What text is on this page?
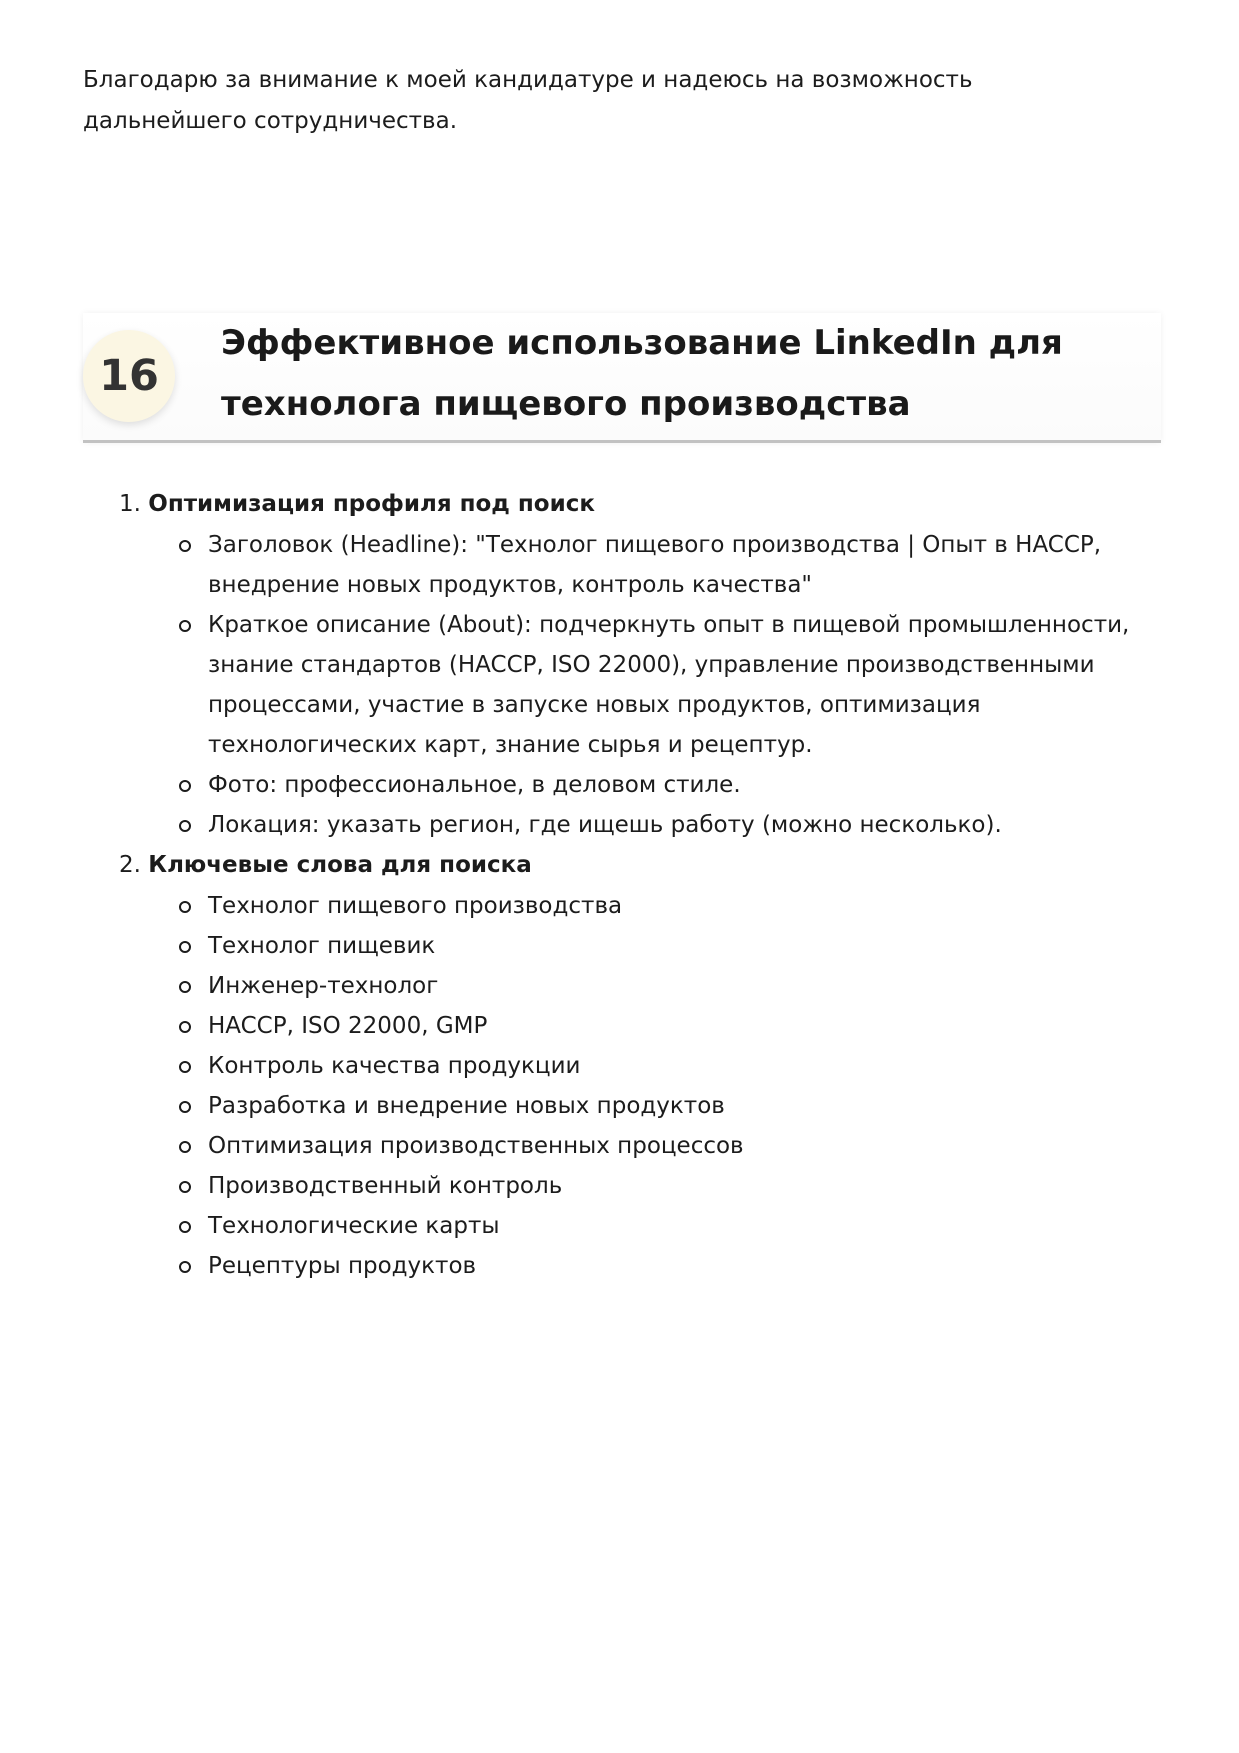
Благодарю за внимание к моей кандидатуре и надеюсь на возможность дальнейшего сотрудничества.

16
Эффективное использование LinkedIn для технолога пищевого производства

1. Оптимизация профиля под поиск

Заголовок (Headline): "Технолог пищевого производства | Опыт в HACCP, внедрение новых продуктов, контроль качества"
Краткое описание (About): подчеркнуть опыт в пищевой промышленности, знание стандартов (HACCP, ISO 22000), управление производственными процессами, участие в запуске новых продуктов, оптимизация технологических карт, знание сырья и рецептур.
Фото: профессиональное, в деловом стиле.
Локация: указать регион, где ищешь работу (можно несколько).

2. Ключевые слова для поиска

Технолог пищевого производства
Технолог пищевик
Инженер-технолог
HACCP, ISO 22000, GMP
Контроль качества продукции
Разработка и внедрение новых продуктов
Оптимизация производственных процессов
Производственный контроль
Технологические карты
Рецептуры продуктов
